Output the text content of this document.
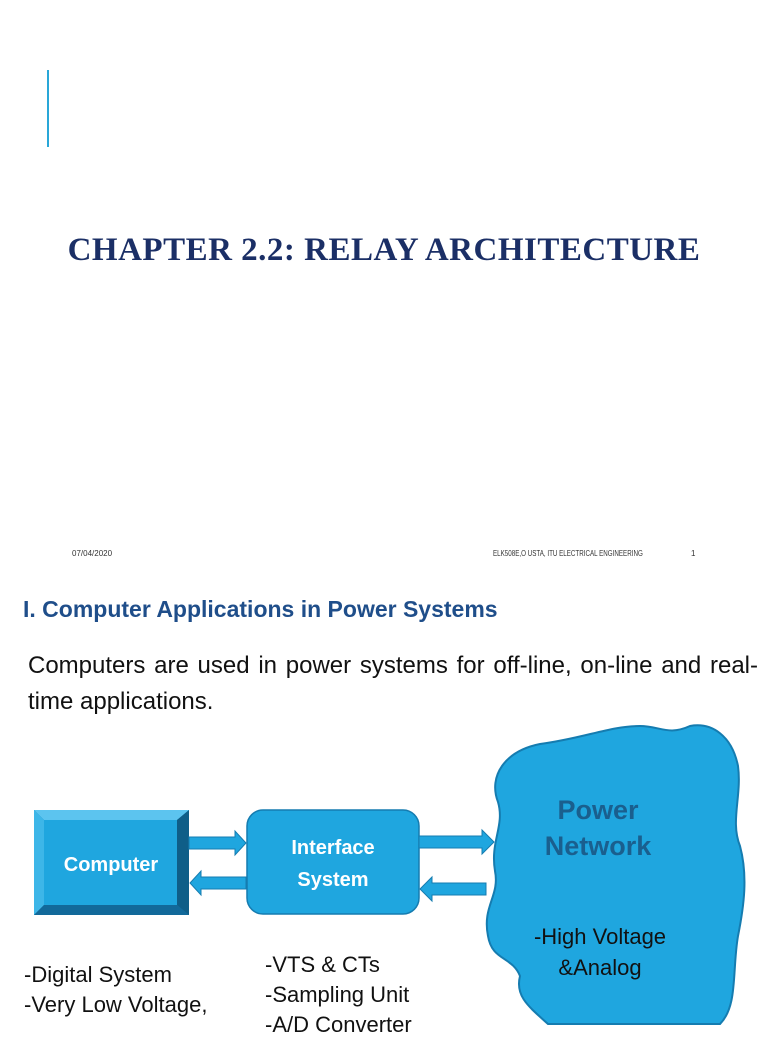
CHAPTER 2.2: RELAY ARCHITECTURE
07/04/2020	ELK508E,O USTA, ITU ELECTRICAL ENGINEERING	1
I. Computer Applications in Power Systems
Computers are used in power systems for off-line, on-line and real-time applications.
Computer
Interface
System
Power
Network
-High Voltage
&Analog
-Digital System
-Very Low Voltage,
-VTS & CTs
-Sampling Unit
-A/D Converter
